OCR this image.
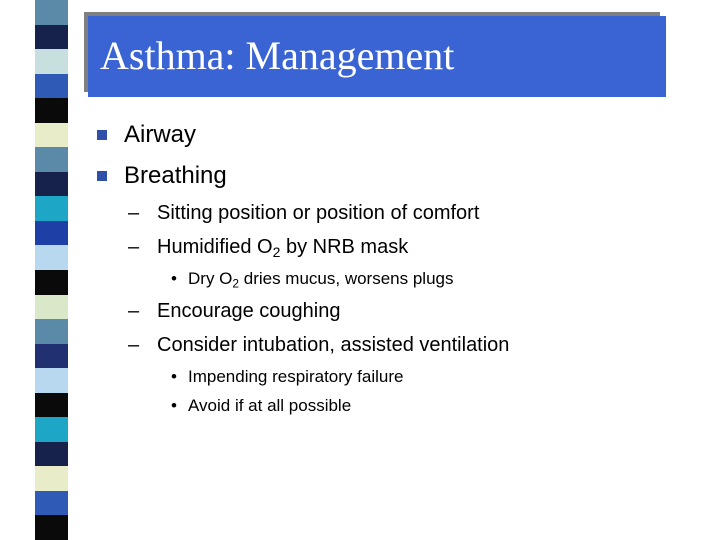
Asthma: Management
Airway
Breathing
– Sitting position or position of comfort
– Humidified $O_2$ by NRB mask
• Dry $O_2$ dries mucus, worsens plugs
– Encourage coughing
– Consider intubation, assisted ventilation
• Impending respiratory failure
• Avoid if at all possible
